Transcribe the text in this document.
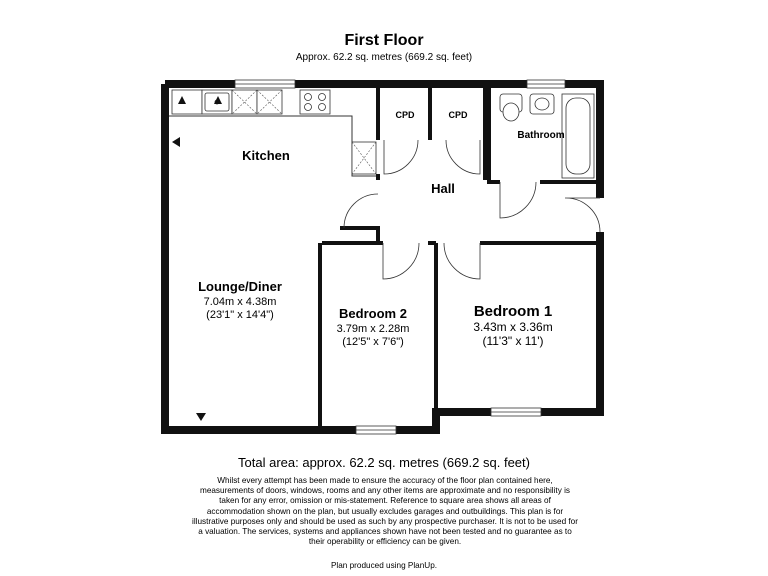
First Floor
Approx. 62.2 sq. metres (669.2 sq. feet)
Kitchen
Lounge/Diner
7.04m x 4.38m
(23'1" x 14'4")	Bedroom 2
3.79m x 2.28m
(12'5" x 7'6")
Bedroom 1
3.43m x 3.36m
(11'3" x 11')
Hall
Bathroom
CPD	CPD
Total area: approx. 62.2 sq. metres (669.2 sq. feet)
Whilst every attempt has been made to ensure the accuracy of the floor plan contained here, measurements of doors, windows, rooms and any other items are approximate and no responsibility is taken for any error, omission or mis-statement. Reference to square area shows all areas of accommodation shown on the plan, but usually excludes garages and outbuildings. This plan is for illustrative purposes only and should be used as such by any prospective purchaser. It is not to be used for a valuation. The services, systems and appliances shown have not been tested and no guarantee as to their operability or efficiency can be given.
Plan produced using PlanUp.
